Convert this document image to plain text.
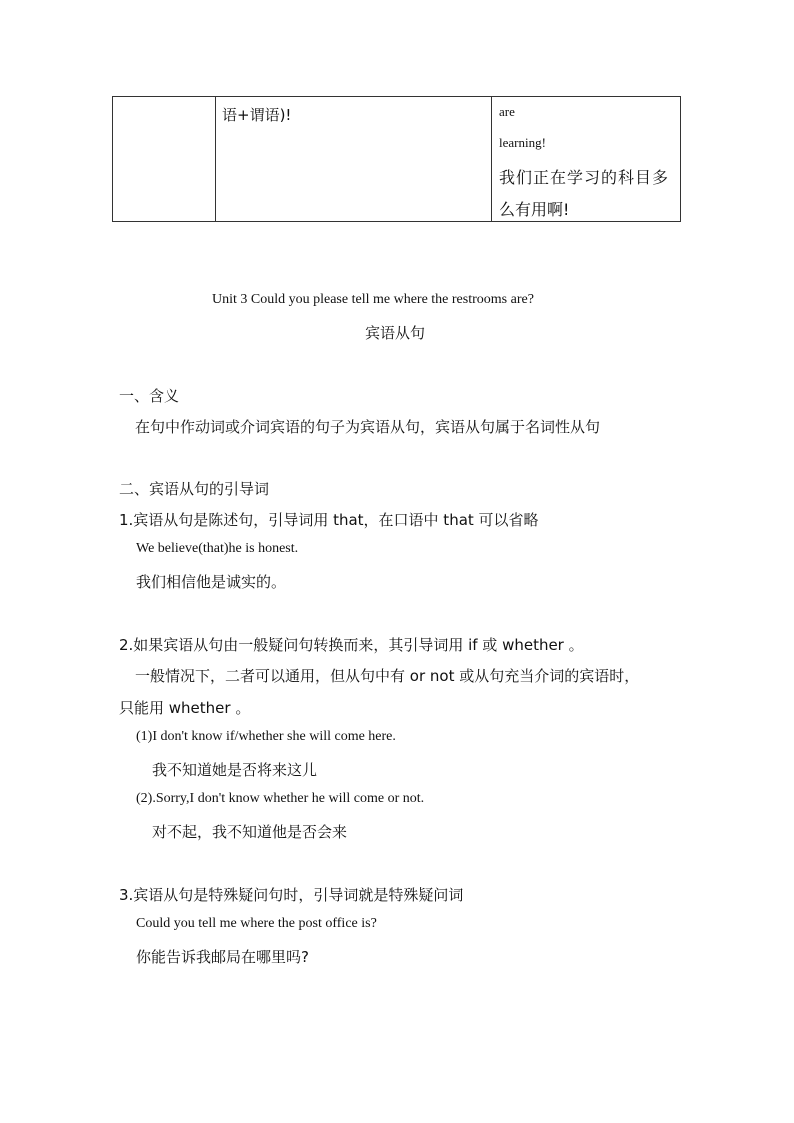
语+谓语)!	are
learning!
我们正在学习的科目多
么有用啊!
Unit 3 Could you please tell me where the restrooms are?
宾语从句
一、含义
在句中作动词或介词宾语的句子为宾语从句，宾语从句属于名词性从句
二、宾语从句的引导词
1.宾语从句是陈述句，引导词用 that，在口语中 that 可以省略
We believe(that)he is honest.
我们相信他是诚实的。
2.如果宾语从句由一般疑问句转换而来，其引导词用 if 或 whether 。
一般情况下，二者可以通用，但从句中有 or not 或从句充当介词的宾语时，
只能用 whether 。
(1)I don't know if/whether she will come here.
我不知道她是否将来这儿
(2).Sorry,I don't know whether he will come or not.
对不起，我不知道他是否会来
3.宾语从句是特殊疑问句时，引导词就是特殊疑问词
Could you tell me where the post office is?
你能告诉我邮局在哪里吗?
